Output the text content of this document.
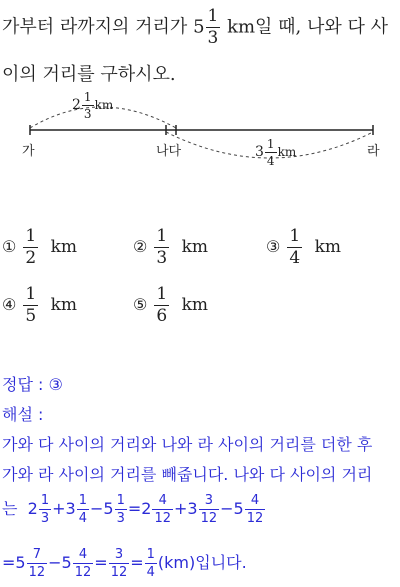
가부터 라까지의 거리가 $5 \frac{1}{3}$ km일 때, 나와 다 사
이의 거리를 구하시오.
$2 \frac{1}{3}$ km
$3 \frac{1}{4}$ km
가	나다	라
① $\frac{1}{2}$ km	② $\frac{1}{3}$ km	③ $\frac{1}{4}$ km
④ $\frac{1}{5}$ km	⑤ $\frac{1}{6}$ km
정답 : ③
해설 :
가와 다 사이의 거리와 나와 라 사이의 거리를 더한 후
가와 라 사이의 거리를 빼줍니다. 나와 다 사이의 거리
는  $2 \frac{1}{3} +3 \frac{1}{4} -5 \frac{1}{3} =2 \frac{4}{12} +3 \frac{3}{12} -5 \frac{4}{12}$
$=5 \frac{7}{12} -5 \frac{4}{12} = \frac{3}{12} = \frac{1}{4} (km)$입니다.
